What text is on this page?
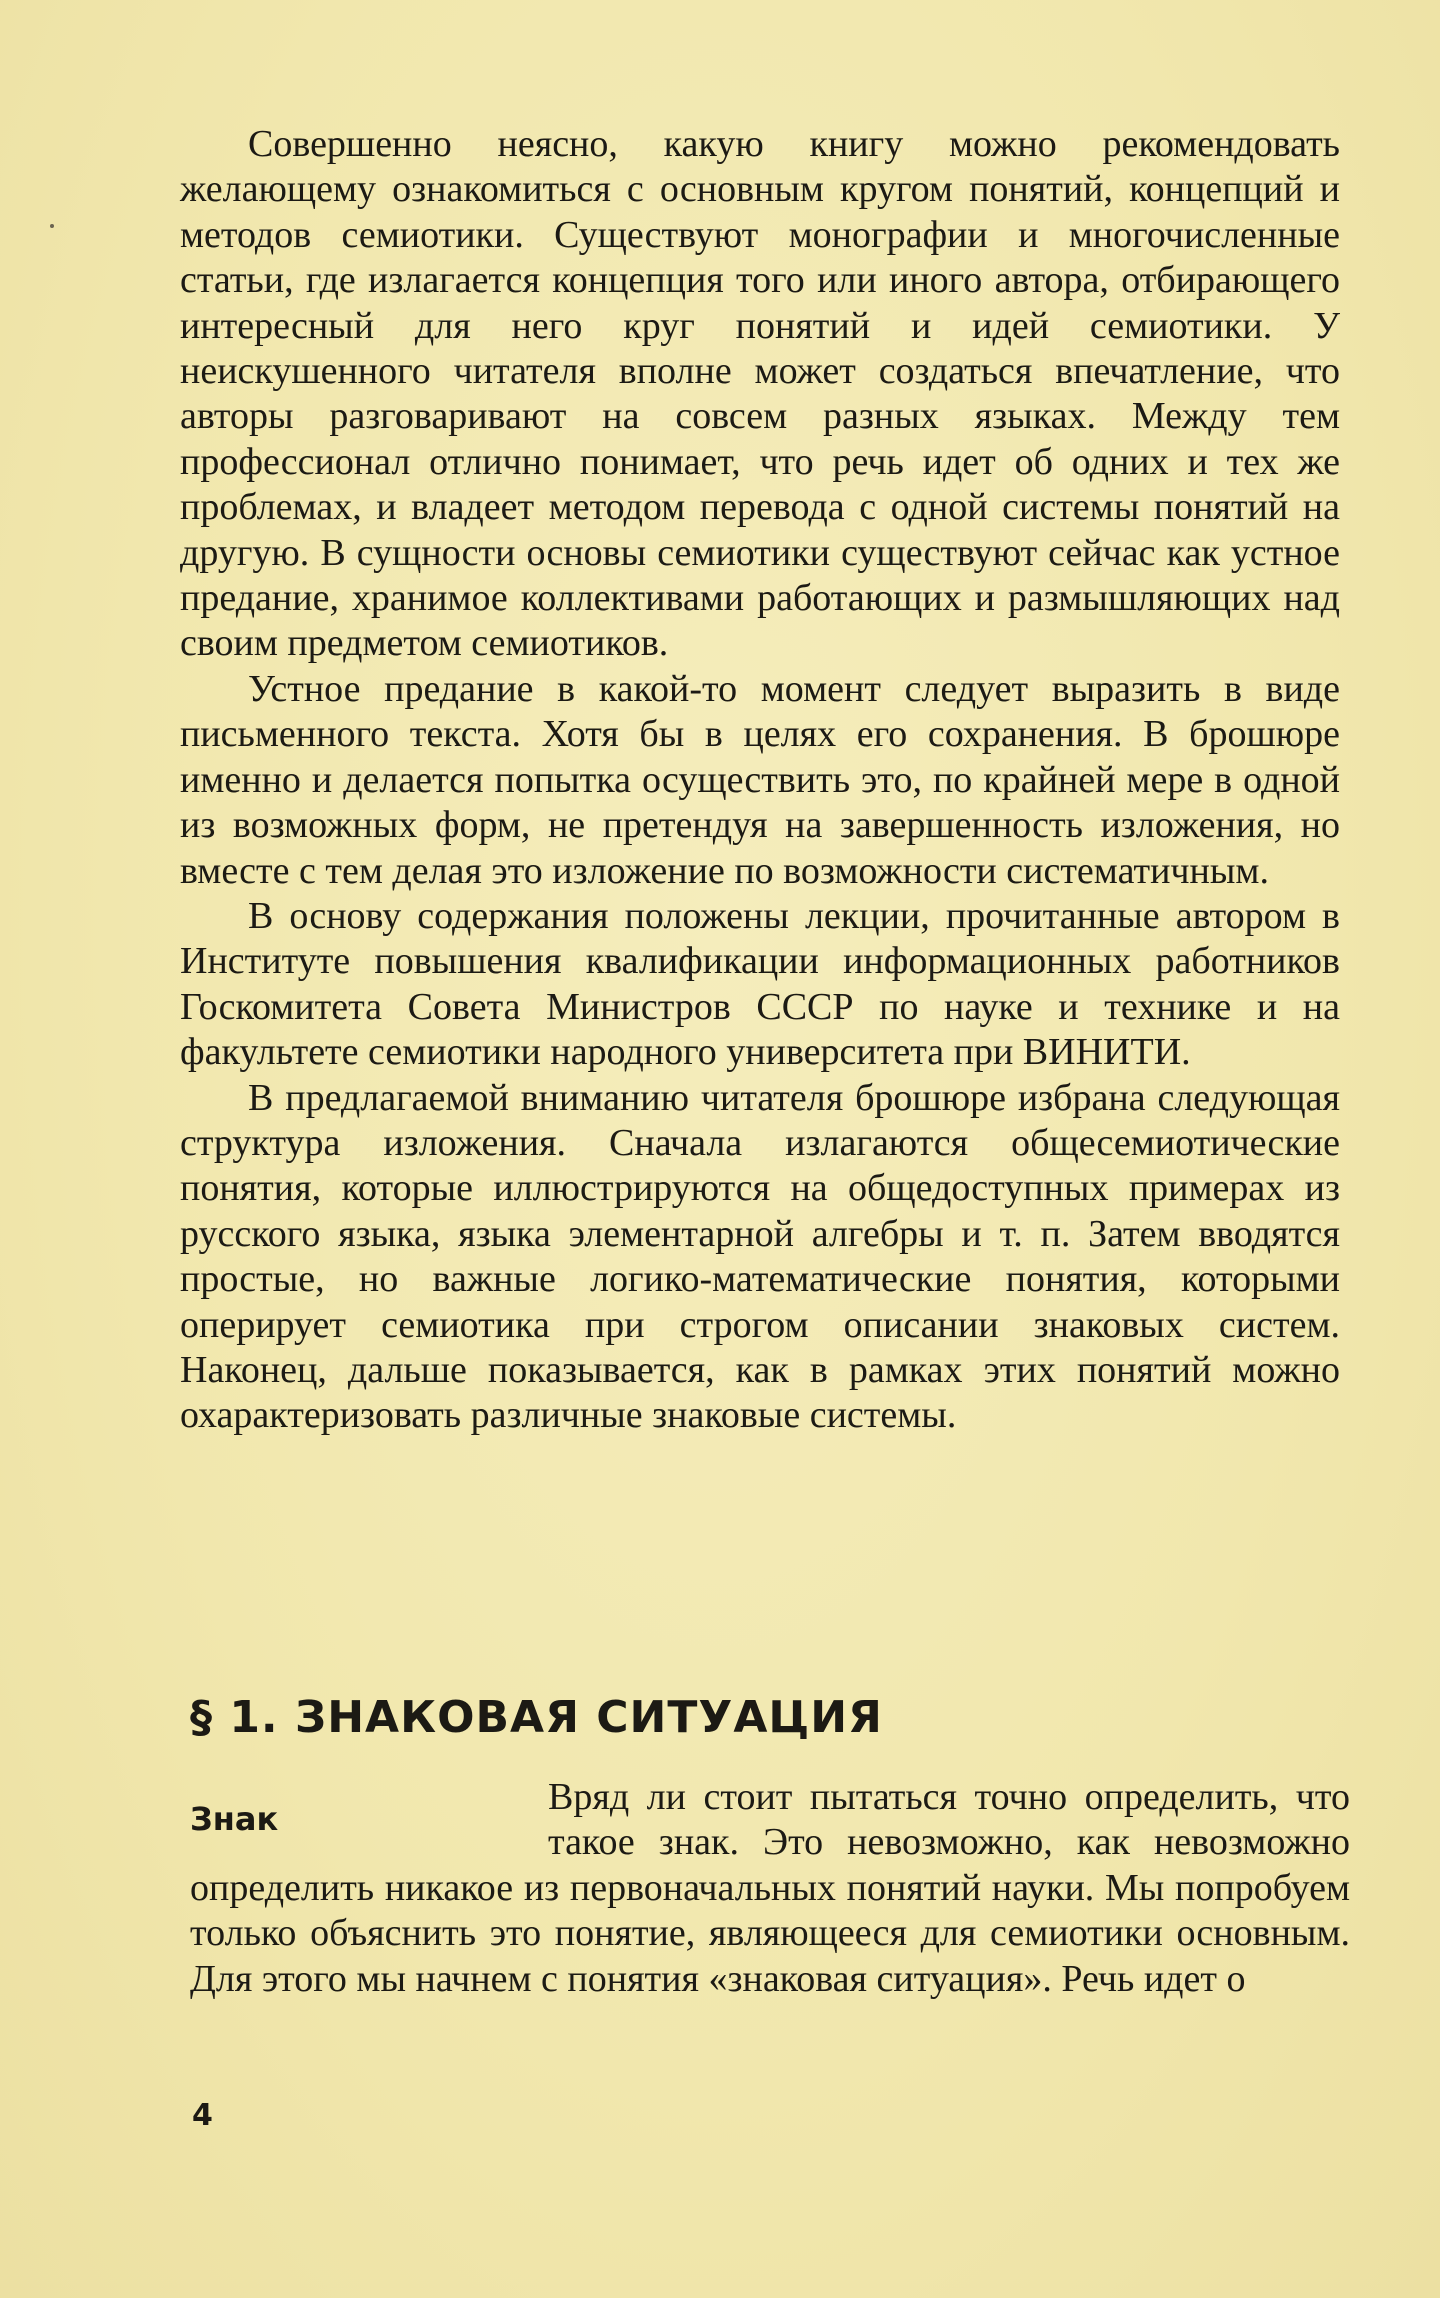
Совершенно неясно, какую книгу можно рекомендовать желающему ознакомиться с основным кругом понятий, концепций и методов семиотики. Существуют монографии и многочисленные статьи, где излагается концепция того или иного автора, отбирающего интересный для него круг понятий и идей семиотики. У неискушенного читателя вполне может создаться впечатление, что авторы разговаривают на совсем разных языках. Между тем профессионал отлично понимает, что речь идет об одних и тех же проблемах, и владеет методом перевода с одной системы понятий на другую. В сущности основы семиотики существуют сейчас как устное предание, хранимое коллективами работающих и размышляющих над своим предметом семиотиков.

Устное предание в какой-то момент следует выразить в виде письменного текста. Хотя бы в целях его сохранения. В брошюре именно и делается попытка осуществить это, по крайней мере в одной из возможных форм, не претендуя на завершенность изложения, но вместе с тем делая это изложение по возможности систематичным.

В основу содержания положены лекции, прочитанные автором в Институте повышения квалификации информационных работников Госкомитета Совета Министров СССР по науке и технике и на факультете семиотики народного университета при ВИНИТИ.

В предлагаемой вниманию читателя брошюре избрана следующая структура изложения. Сначала излагаются общесемиотические понятия, которые иллюстрируются на общедоступных примерах из русского языка, языка элементарной алгебры и т. п. Затем вводятся простые, но важные логико-математические понятия, которыми оперирует семиотика при строгом описании знаковых систем. Наконец, дальше показывается, как в рамках этих понятий можно охарактеризовать различные знаковые системы.

§ 1. ЗНАКОВАЯ СИТУАЦИЯ
Знак

Вряд ли стоит пытаться точно определить, что такое знак. Это невозможно, как невозможно определить никакое из первоначальных понятий науки. Мы попробуем только объяснить это понятие, являющееся для семиотики основным. Для этого мы начнем с понятия «знаковая ситуация». Речь идет о

4
